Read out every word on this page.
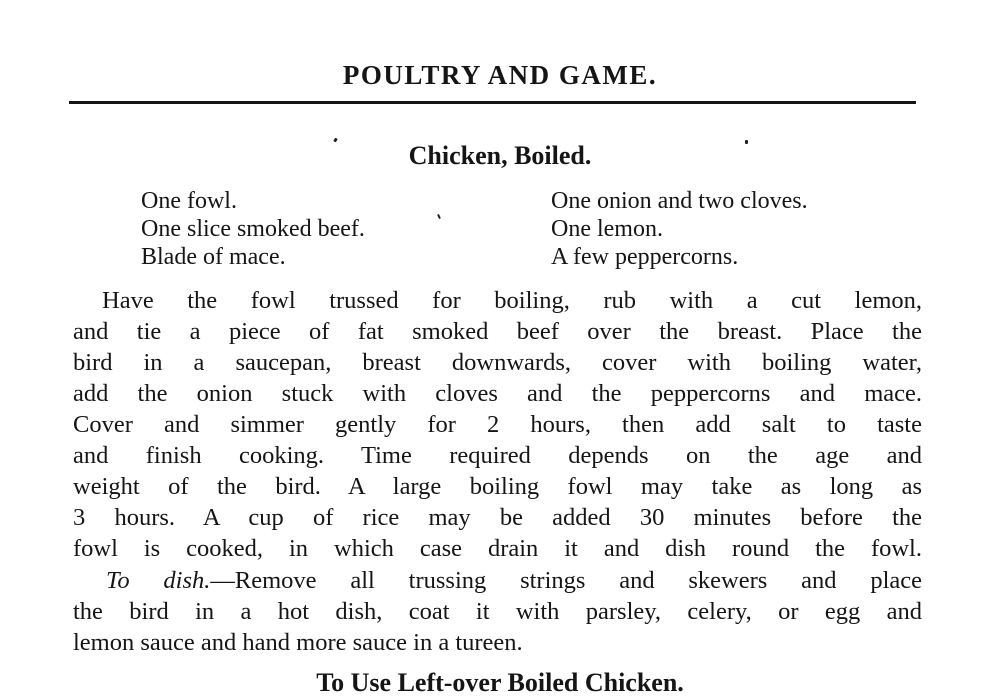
POULTRY AND GAME.
Chicken, Boiled.
One fowl.
One slice smoked beef.
Blade of mace.
One onion and two cloves.
One lemon.
A few peppercorns.
Have the fowl trussed for boiling, rub with a cut lemon,
and tie a piece of fat smoked beef over the breast. Place the
bird in a saucepan, breast downwards, cover with boiling water,
add the onion stuck with cloves and the peppercorns and mace.
Cover and simmer gently for 2 hours, then add salt to taste
and finish cooking. Time required depends on the age and
weight of the bird. A large boiling fowl may take as long as
3 hours. A cup of rice may be added 30 minutes before the
fowl is cooked, in which case drain it and dish round the fowl.
To dish.—Remove all trussing strings and skewers and place
the bird in a hot dish, coat it with parsley, celery, or egg and
lemon sauce and hand more sauce in a tureen.
To Use Left-over Boiled Chicken.
